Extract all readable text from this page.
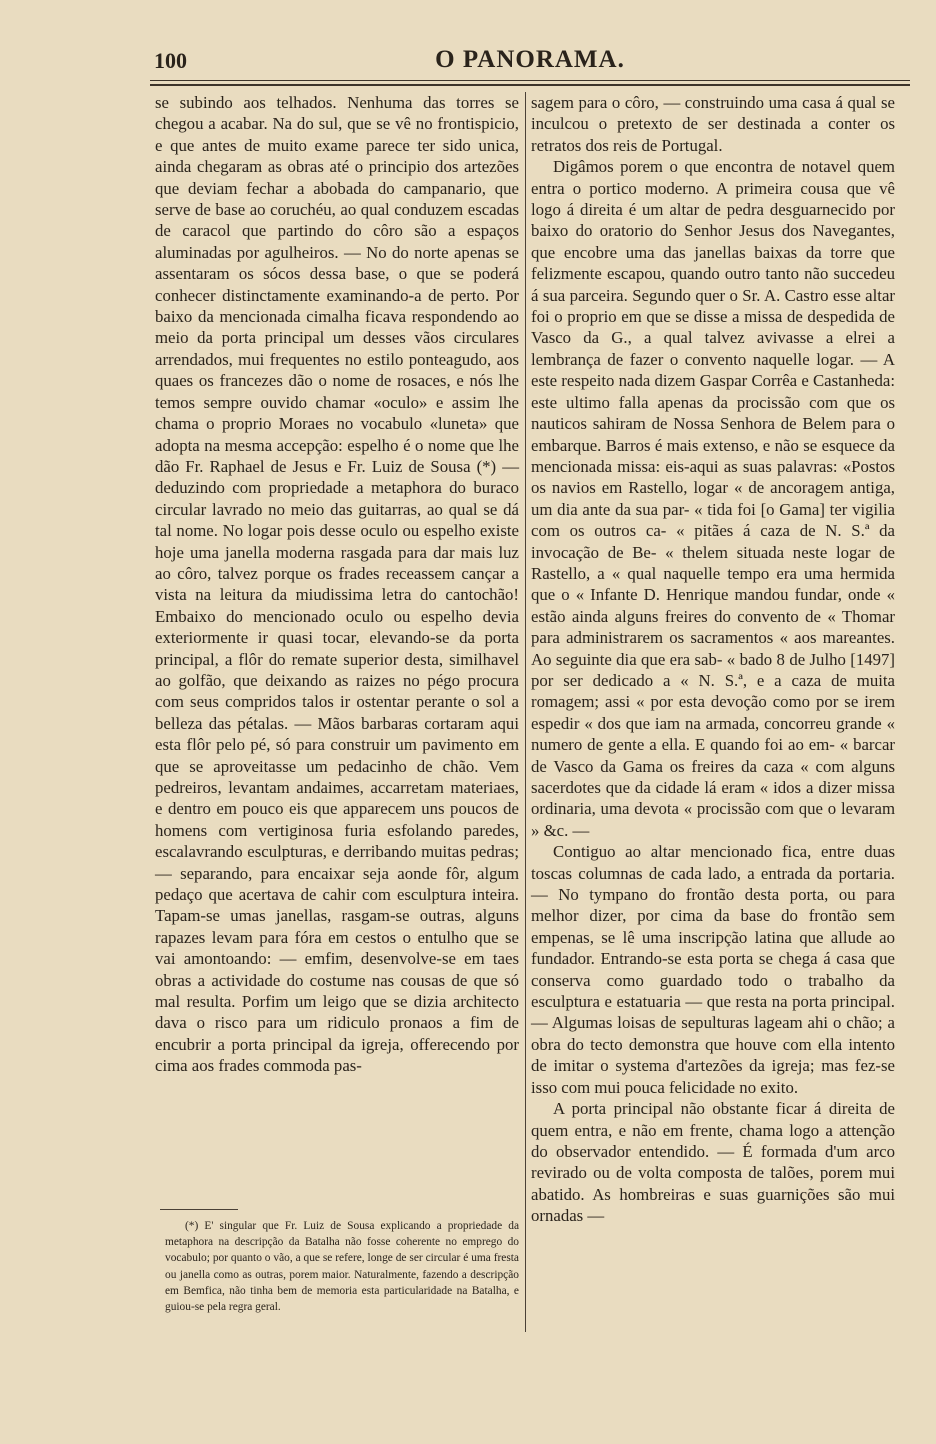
100	O PANORAMA.

se subindo aos telhados. Nenhuma das torres se chegou a acabar. Na do sul, que se vê no frontispicio, e que antes de muito exame parece ter sido unica, ainda chegaram as obras até o principio dos artezões que deviam fechar a abobada do campanario, que serve de base ao coruchéu, ao qual conduzem escadas de caracol que partindo do côro são a espaços aluminadas por agulheiros. — No do norte apenas se assentaram os sócos dessa base, o que se poderá conhecer distinctamente examinando-a de perto. Por baixo da mencionada cimalha ficava respondendo ao meio da porta principal um desses vãos circulares arrendados, mui frequentes no estilo ponteagudo, aos quaes os francezes dão o nome de rosaces, e nós lhe temos sempre ouvido chamar «oculo» e assim lhe chama o proprio Moraes no vocabulo «luneta» que adopta na mesma accepção: espelho é o nome que lhe dão Fr. Raphael de Jesus e Fr. Luiz de Sousa (*) — deduzindo com propriedade a metaphora do buraco circular lavrado no meio das guitarras, ao qual se dá tal nome. No logar pois desse oculo ou espelho existe hoje uma janella moderna rasgada para dar mais luz ao côro, talvez porque os frades receassem cançar a vista na leitura da miudissima letra do cantochão! Embaixo do mencionado oculo ou espelho devia exteriormente ir quasi tocar, elevando-se da porta principal, a flôr do remate superior desta, similhavel ao golfão, que deixando as raizes no pégo procura com seus compridos talos ir ostentar perante o sol a belleza das pétalas. — Mãos barbaras cortaram aqui esta flôr pelo pé, só para construir um pavimento em que se aproveitasse um pedacinho de chão. Vem pedreiros, levantam andaimes, accarretam materiaes, e dentro em pouco eis que apparecem uns poucos de homens com vertiginosa furia esfolando paredes, escalavrando esculpturas, e derribando muitas pedras; — separando, para encaixar seja aonde fôr, algum pedaço que acertava de cahir com esculptura inteira. Tapam-se umas janellas, rasgam-se outras, alguns rapazes levam para fóra em cestos o entulho que se vai amontoando: — emfim, desenvolve-se em taes obras a actividade do costume nas cousas de que só mal resulta. Porfim um leigo que se dizia architecto dava o risco para um ridiculo pronaos a fim de encubrir a porta principal da igreja, offerecendo por cima aos frades commoda pas-

sagem para o côro, — construindo uma casa á qual se inculcou o pretexto de ser destinada a conter os retratos dos reis de Portugal.

Digâmos porem o que encontra de notavel quem entra o portico moderno. A primeira cousa que vê logo á direita é um altar de pedra desguarnecido por baixo do oratorio do Senhor Jesus dos Navegantes, que encobre uma das janellas baixas da torre que felizmente escapou, quando outro tanto não succedeu á sua parceira. Segundo quer o Sr. A. Castro esse altar foi o proprio em que se disse a missa de despedida de Vasco da G., a qual talvez avivasse a elrei a lembrança de fazer o convento naquelle logar. — A este respeito nada dizem Gaspar Corrêa e Castanheda: este ultimo falla apenas da procissão com que os nauticos sahiram de Nossa Senhora de Belem para o embarque. Barros é mais extenso, e não se esquece da mencionada missa: eis-aqui as suas palavras: «Postos os navios em Rastello, logar « de ancoragem antiga, um dia ante da sua par- « tida foi [o Gama] ter vigilia com os outros ca- « pitães á caza de N. S.ª da invocação de Be- « thelem situada neste logar de Rastello, a « qual naquelle tempo era uma hermida que o « Infante D. Henrique mandou fundar, onde « estão ainda alguns freires do convento de « Thomar para administrarem os sacramentos « aos mareantes. Ao seguinte dia que era sab- « bado 8 de Julho [1497] por ser dedicado a « N. S.ª, e a caza de muita romagem; assi « por esta devoção como por se irem espedir « dos que iam na armada, concorreu grande « numero de gente a ella. E quando foi ao em- « barcar de Vasco da Gama os freires da caza « com alguns sacerdotes que da cidade lá eram « idos a dizer missa ordinaria, uma devota « procissão com que o levaram » &c. —

Contiguo ao altar mencionado fica, entre duas toscas columnas de cada lado, a entrada da portaria. — No tympano do frontão desta porta, ou para melhor dizer, por cima da base do frontão sem empenas, se lê uma inscripção latina que allude ao fundador. Entrando-se esta porta se chega á casa que conserva como guardado todo o trabalho da esculptura e estatuaria — que resta na porta principal. — Algumas loisas de sepulturas lageam ahi o chão; a obra do tecto demonstra que houve com ella intento de imitar o systema d'artezões da igreja; mas fez-se isso com mui pouca felicidade no exito.

A porta principal não obstante ficar á direita de quem entra, e não em frente, chama logo a attenção do observador entendido. — É formada d'um arco revirado ou de volta composta de talões, porem mui abatido. As hombreiras e suas guarnições são mui ornadas —

(*) E' singular que Fr. Luiz de Sousa explicando a propriedade da metaphora na descripção da Batalha não fosse coherente no emprego do vocabulo; por quanto o vão, a que se refere, longe de ser circular é uma fresta ou janella como as outras, porem maior. Naturalmente, fazendo a descripção em Bemfica, não tinha bem de memoria esta particularidade na Batalha, e guiou-se pela regra geral.
